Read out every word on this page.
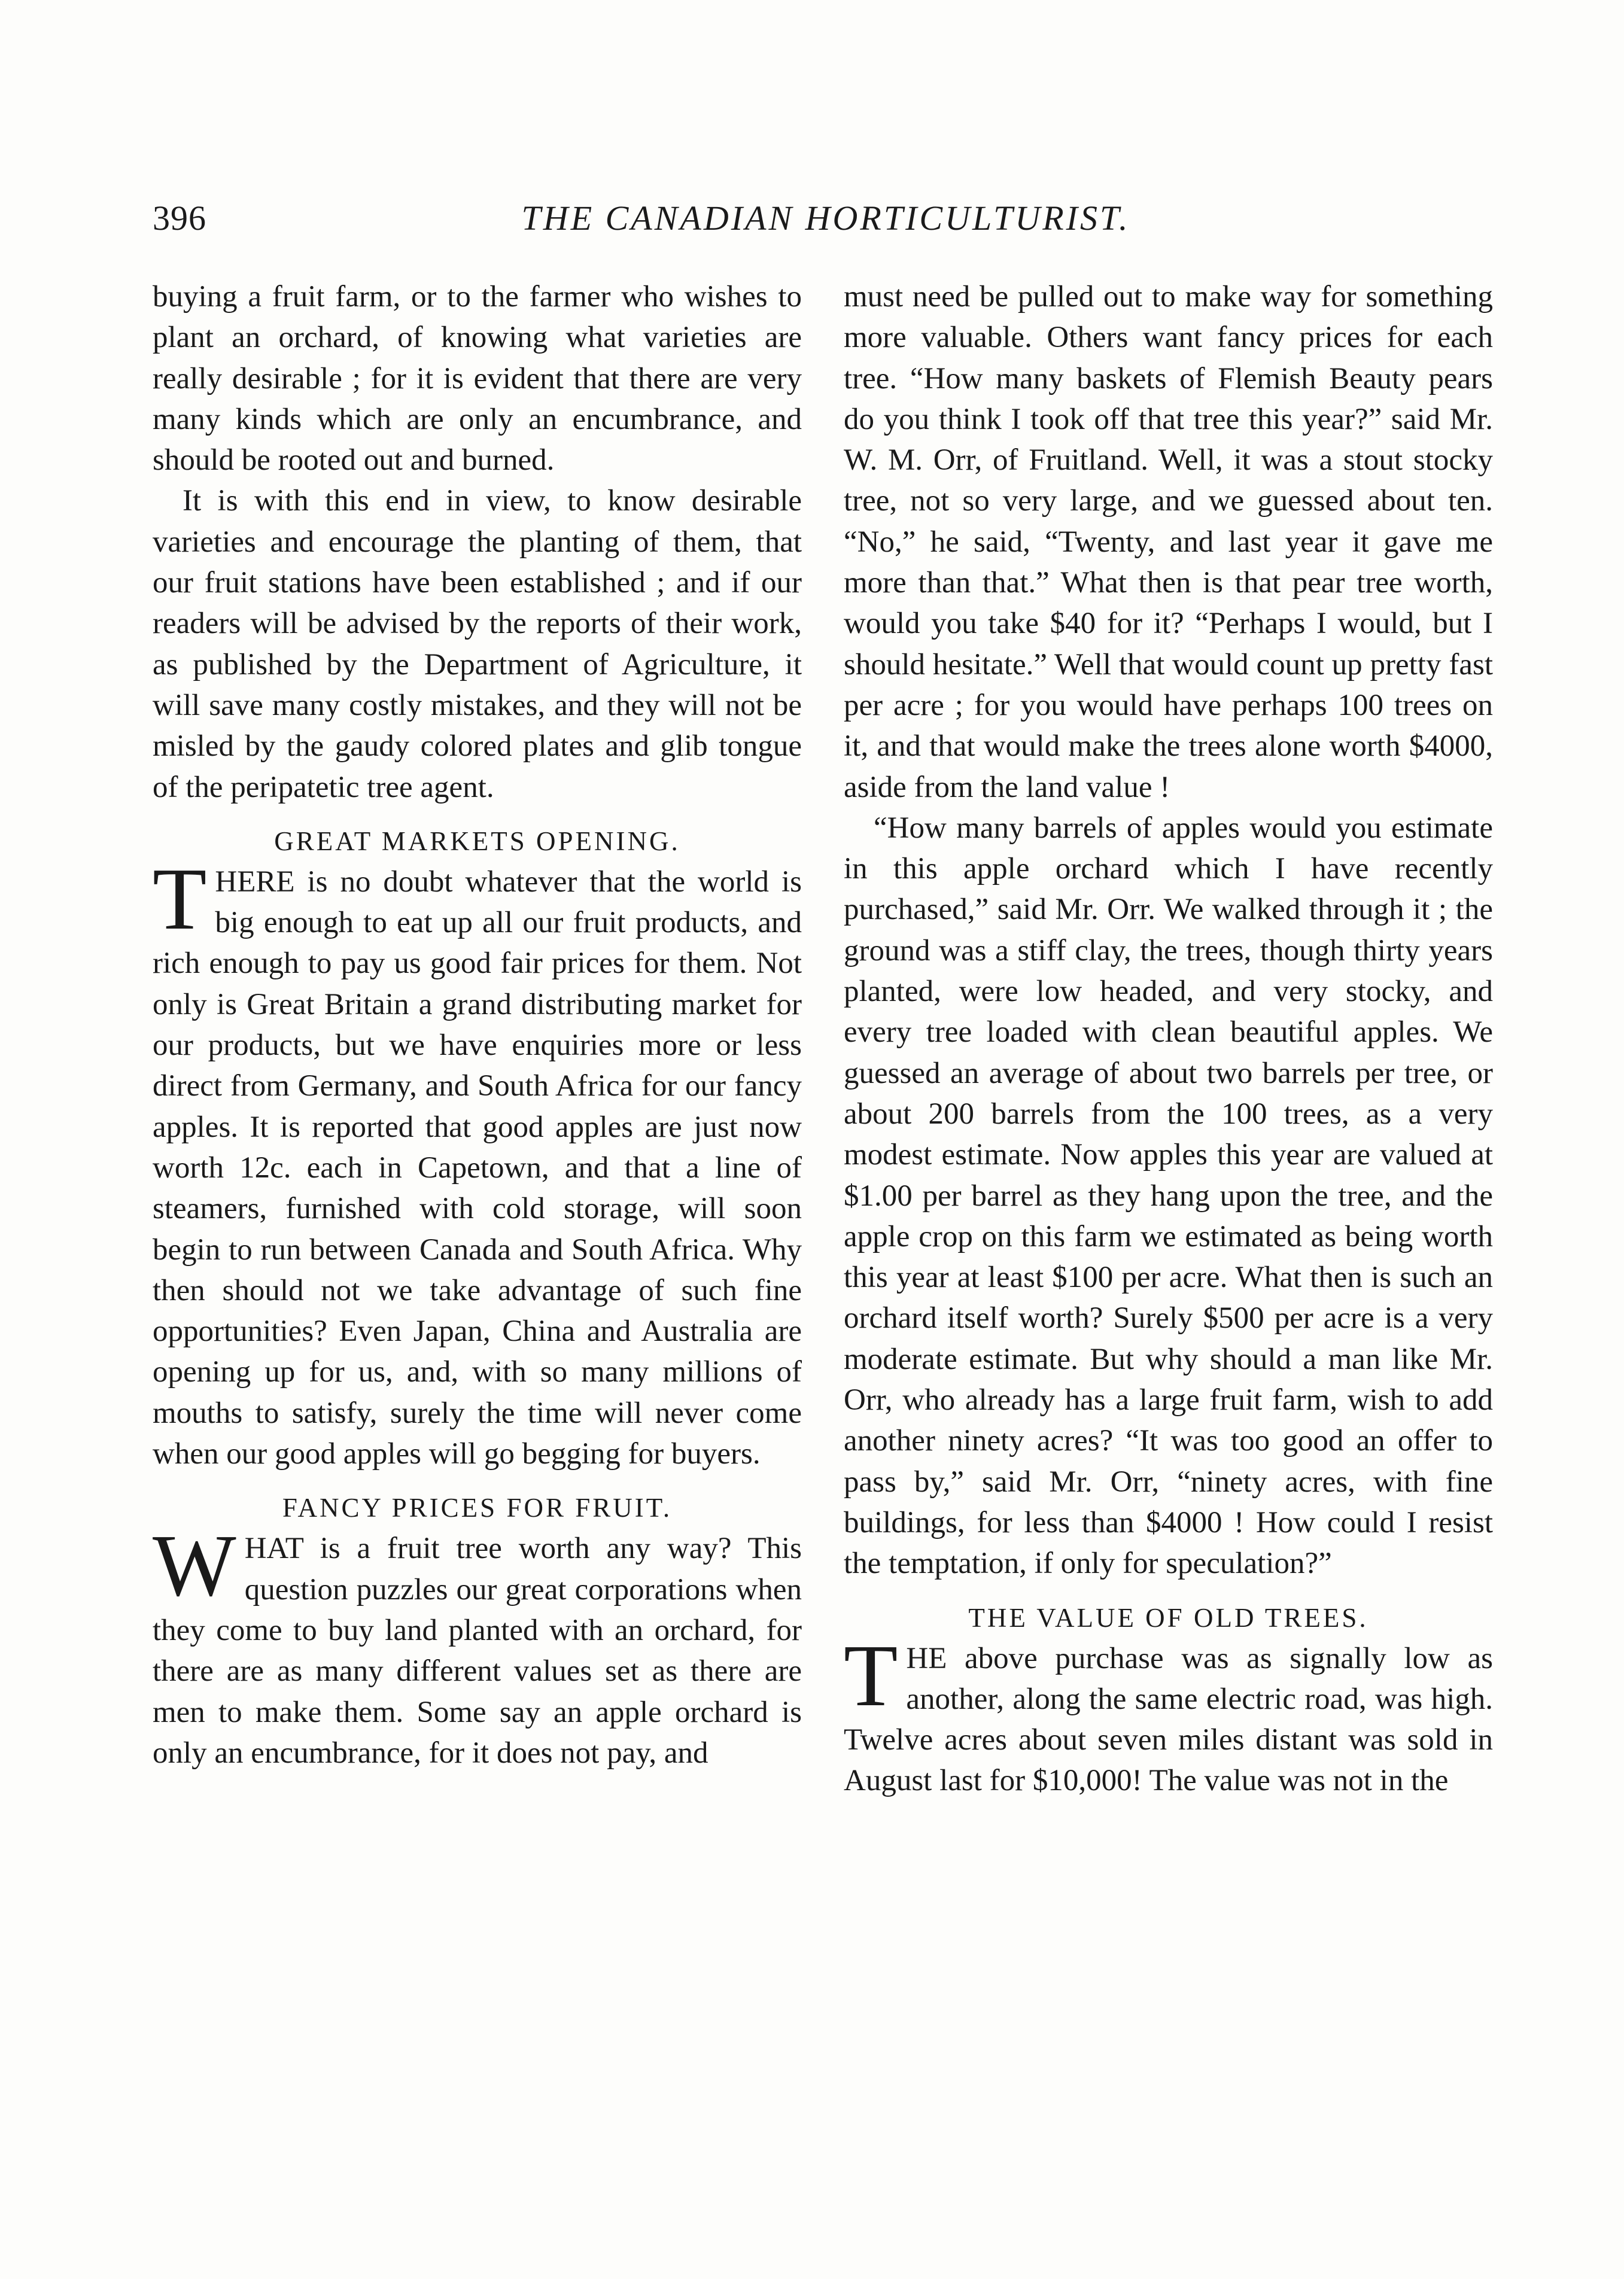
396	THE CANADIAN HORTICULTURIST.

buying a fruit farm, or to the farmer who wishes to plant an orchard, of knowing what varieties are really desirable ; for it is evident that there are very many kinds which are only an encumbrance, and should be rooted out and burned.

It is with this end in view, to know desirable varieties and encourage the planting of them, that our fruit stations have been established ; and if our readers will be advised by the reports of their work, as published by the Department of Agriculture, it will save many costly mistakes, and they will not be misled by the gaudy colored plates and glib tongue of the peripatetic tree agent.

GREAT MARKETS OPENING.

T HERE is no doubt whatever that the world is big enough to eat up all our fruit products, and rich enough to pay us good fair prices for them. Not only is Great Britain a grand distributing market for our products, but we have enquiries more or less direct from Germany, and South Africa for our fancy apples. It is reported that good apples are just now worth 12c. each in Capetown, and that a line of steamers, furnished with cold storage, will soon begin to run between Canada and South Africa. Why then should not we take advantage of such fine opportunities? Even Japan, China and Australia are opening up for us, and, with so many millions of mouths to satisfy, surely the time will never come when our good apples will go begging for buyers.

FANCY PRICES FOR FRUIT.

W HAT is a fruit tree worth any way? This question puzzles our great corporations when they come to buy land planted with an orchard, for there are as many different values set as there are men to make them. Some say an apple orchard is only an encumbrance, for it does not pay, and

must need be pulled out to make way for something more valuable. Others want fancy prices for each tree. “How many baskets of Flemish Beauty pears do you think I took off that tree this year?” said Mr. W. M. Orr, of Fruitland. Well, it was a stout stocky tree, not so very large, and we guessed about ten. “No,” he said, “Twenty, and last year it gave me more than that.” What then is that pear tree worth, would you take $40 for it? “Perhaps I would, but I should hesitate.” Well that would count up pretty fast per acre ; for you would have perhaps 100 trees on it, and that would make the trees alone worth $4000, aside from the land value !

“How many barrels of apples would you estimate in this apple orchard which I have recently purchased,” said Mr. Orr. We walked through it ; the ground was a stiff clay, the trees, though thirty years planted, were low headed, and very stocky, and every tree loaded with clean beautiful apples. We guessed an average of about two barrels per tree, or about 200 barrels from the 100 trees, as a very modest estimate. Now apples this year are valued at $1.00 per barrel as they hang upon the tree, and the apple crop on this farm we estimated as being worth this year at least $100 per acre. What then is such an orchard itself worth? Surely $500 per acre is a very moderate estimate. But why should a man like Mr. Orr, who already has a large fruit farm, wish to add another ninety acres? “It was too good an offer to pass by,” said Mr. Orr, “ninety acres, with fine buildings, for less than $4000 ! How could I resist the temptation, if only for speculation?”

THE VALUE OF OLD TREES.

T HE above purchase was as signally low as another, along the same electric road, was high. Twelve acres about seven miles distant was sold in August last for $10,000! The value was not in the
